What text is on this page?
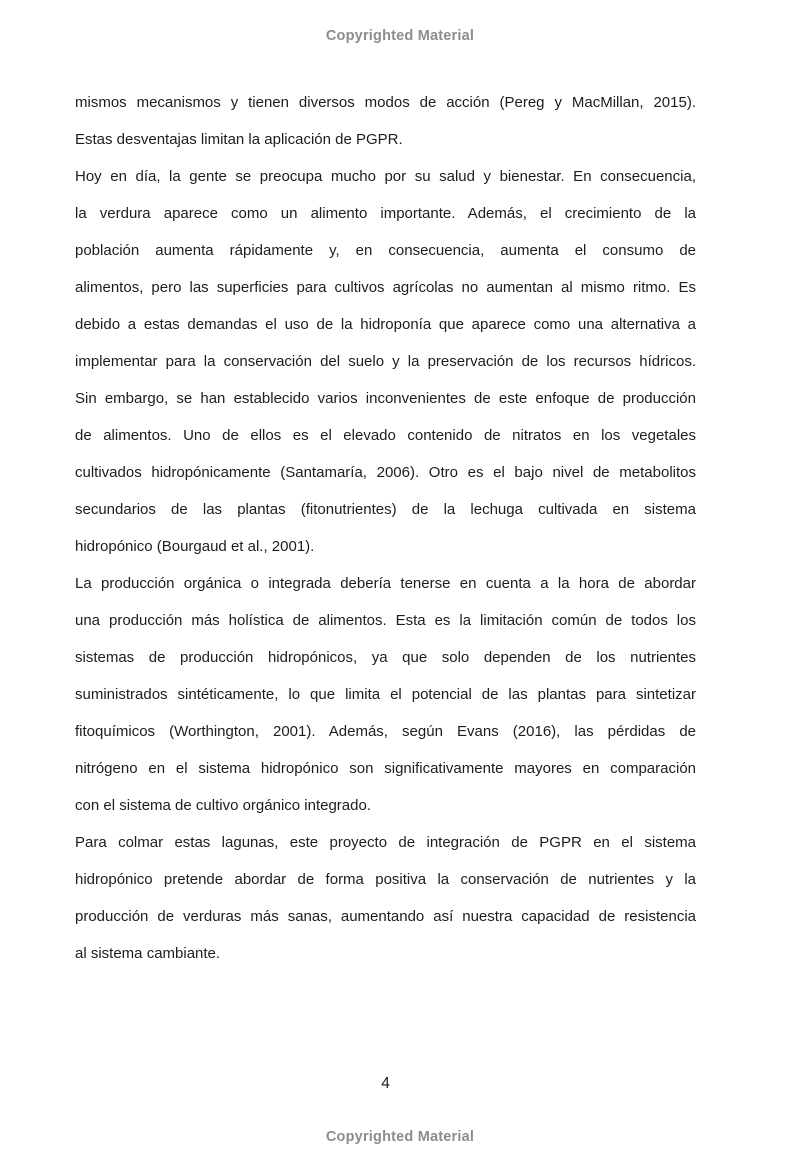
Copyrighted Material
mismos mecanismos y tienen diversos modos de acción (Pereg y MacMillan, 2015).
Estas desventajas limitan la aplicación de PGPR.
Hoy en día, la gente se preocupa mucho por su salud y bienestar. En consecuencia,
la verdura aparece como un alimento importante. Además, el crecimiento de la
población aumenta rápidamente y, en consecuencia, aumenta el consumo de
alimentos, pero las superficies para cultivos agrícolas no aumentan al mismo ritmo. Es
debido a estas demandas el uso de la hidroponía que aparece como una alternativa a
implementar para la conservación del suelo y la preservación de los recursos hídricos.
Sin embargo, se han establecido varios inconvenientes de este enfoque de producción
de alimentos. Uno de ellos es el elevado contenido de nitratos en los vegetales
cultivados hidropónicamente (Santamaría, 2006). Otro es el bajo nivel de metabolitos
secundarios de las plantas (fitonutrientes) de la lechuga cultivada en sistema
hidropónico (Bourgaud et al., 2001).
La producción orgánica o integrada debería tenerse en cuenta a la hora de abordar
una producción más holística de alimentos. Esta es la limitación común de todos los
sistemas de producción hidropónicos, ya que solo dependen de los nutrientes
suministrados sintéticamente, lo que limita el potencial de las plantas para sintetizar
fitoquímicos (Worthington, 2001). Además, según Evans (2016), las pérdidas de
nitrógeno en el sistema hidropónico son significativamente mayores en comparación
con el sistema de cultivo orgánico integrado.
Para colmar estas lagunas, este proyecto de integración de PGPR en el sistema
hidropónico pretende abordar de forma positiva la conservación de nutrientes y la
producción de verduras más sanas, aumentando así nuestra capacidad de resistencia
al sistema cambiante.
4
Copyrighted Material
